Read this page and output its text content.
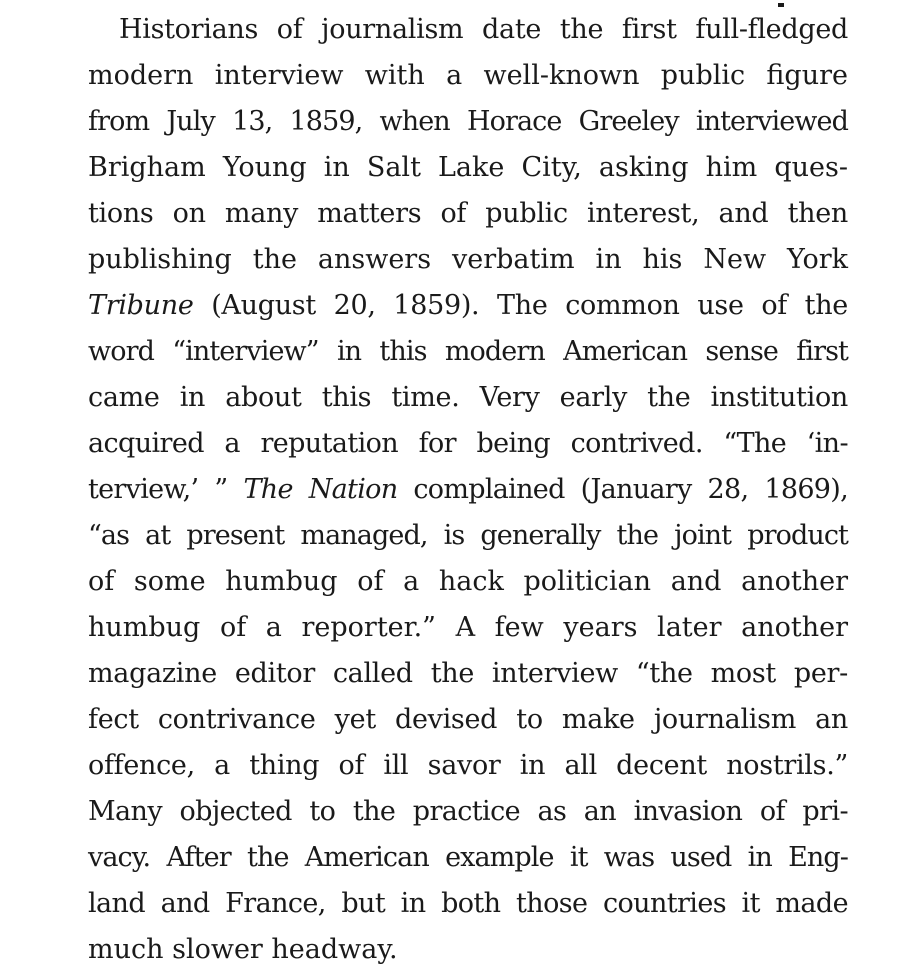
Historians of journalism date the first full-fledged
modern interview with a well-known public figure
from July 13, 1859, when Horace Greeley interviewed
Brigham Young in Salt Lake City, asking him ques-
tions on many matters of public interest, and then
publishing the answers verbatim in his New York
Tribune (August 20, 1859). The common use of the
word “interview” in this modern American sense first
came in about this time. Very early the institution
acquired a reputation for being contrived. “The ‘in-
terview,’ ” The Nation complained (January 28, 1869),
“as at present managed, is generally the joint product
of some humbug of a hack politician and another
humbug of a reporter.” A few years later another
magazine editor called the interview “the most per-
fect contrivance yet devised to make journalism an
offence, a thing of ill savor in all decent nostrils.”
Many objected to the practice as an invasion of pri-
vacy. After the American example it was used in Eng-
land and France, but in both those countries it made
much slower headway.
